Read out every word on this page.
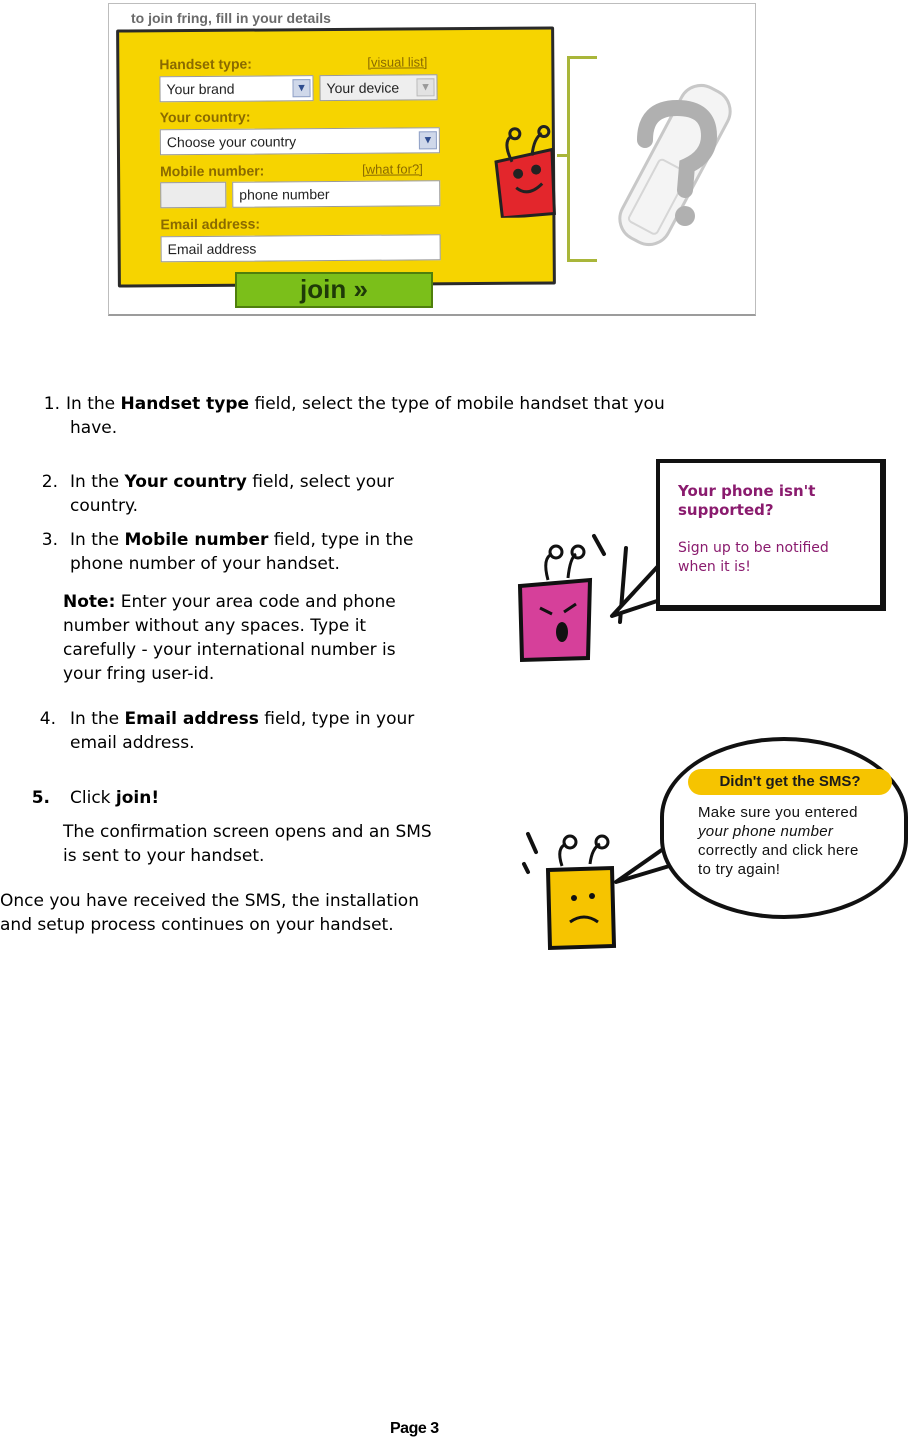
to join fring, fill in your details
Handset type:	[visual list]
Your brand	▼	Your device	▼
Your country:
Choose your country	▼
Mobile number:	[what for?]
phone number
Email address:
Email address
join »
1. In the Handset type field, select the type of mobile handset that you
have.
2. In the Your country field, select your
country.
3. In the Mobile number field, type in the
phone number of your handset.
Note: Enter your area code and phone
number without any spaces. Type it
carefully - your international number is
your fring user-id.
4. In the Email address field, type in your
email address.
5. Click join!
The confirmation screen opens and an SMS
is sent to your handset.
Once you have received the SMS, the installation
and setup process continues on your handset.
Your phone isn't supported?
Sign up to be notified when it is!
Didn't get the SMS?
Make sure you entered
your phone number
correctly and click here
to try again!
Page 3
